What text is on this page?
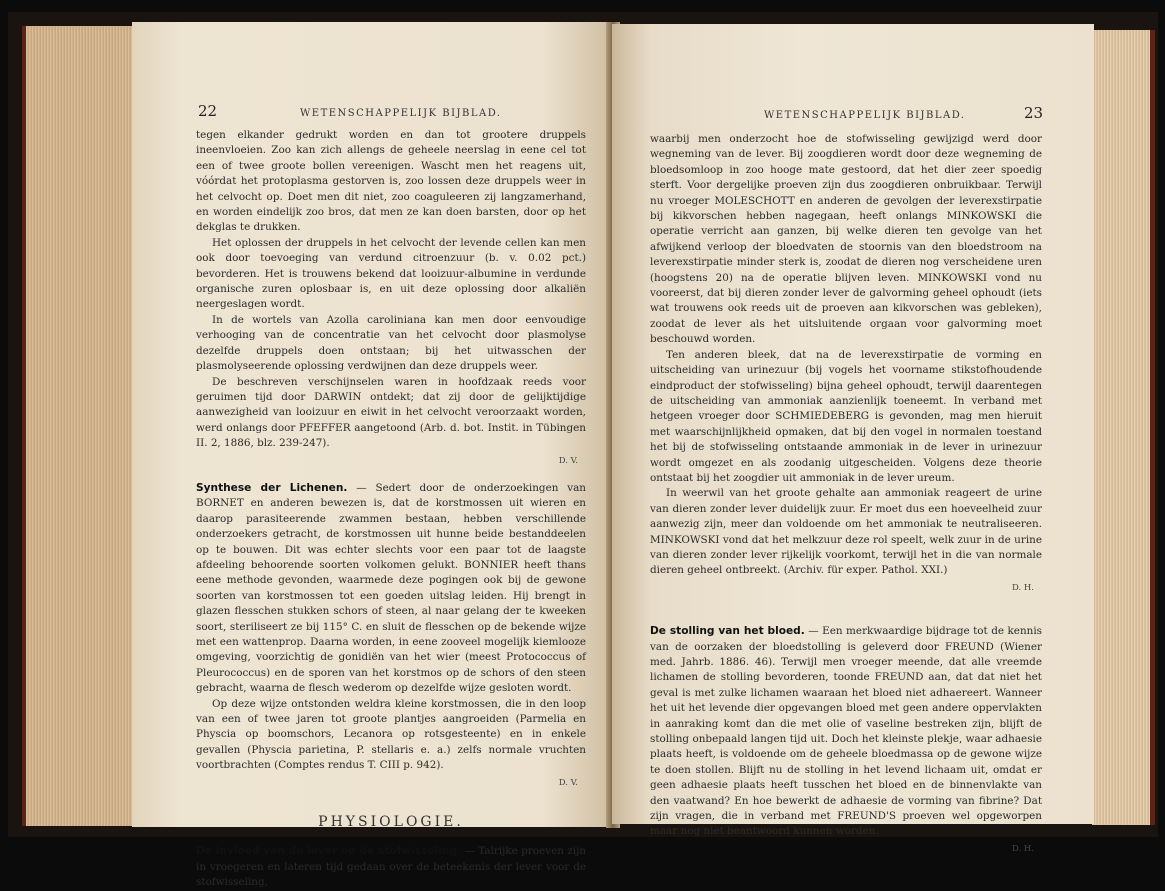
22	WETENSCHAPPELIJK BIJBLAD.

tegen elkander gedrukt worden en dan tot grootere druppels ineenvloeien. Zoo kan zich allengs de geheele neerslag in eene cel tot een of twee groote bollen vereenigen. Wascht men het reagens uit, vóórdat het protoplasma gestorven is, zoo lossen deze druppels weer in het celvocht op. Doet men dit niet, zoo coaguleeren zij langzamerhand, en worden eindelijk zoo bros, dat men ze kan doen barsten, door op het dekglas te drukken.

Het oplossen der druppels in het celvocht der levende cellen kan men ook door toevoeging van verdund citroenzuur (b. v. 0.02 pct.) bevorderen. Het is trouwens bekend dat looizuur-albumine in verdunde organische zuren oplosbaar is, en uit deze oplossing door alkaliën neergeslagen wordt.

In de wortels van Azolla caroliniana kan men door eenvoudige verhooging van de concentratie van het celvocht door plasmolyse dezelfde druppels doen ontstaan; bij het uitwasschen der plasmolyseerende oplossing verdwijnen dan deze druppels weer.

De beschreven verschijnselen waren in hoofdzaak reeds voor geruimen tijd door DARWIN ontdekt; dat zij door de gelijktijdige aanwezigheid van looizuur en eiwit in het celvocht veroorzaakt worden, werd onlangs door PFEFFER aangetoond (Arb. d. bot. Instit. in Tübingen II. 2, 1886, blz. 239-247).

D. V.

Synthese der Lichenen. — Sedert door de onderzoekingen van BORNET en anderen bewezen is, dat de korstmossen uit wieren en daarop parasiteerende zwammen bestaan, hebben verschillende onderzoekers getracht, de korstmossen uit hunne beide bestanddeelen op te bouwen. Dit was echter slechts voor een paar tot de laagste afdeeling behoorende soorten volkomen gelukt. BONNIER heeft thans eene methode gevonden, waarmede deze pogingen ook bij de gewone soorten van korstmossen tot een goeden uitslag leiden. Hij brengt in glazen flesschen stukken schors of steen, al naar gelang der te kweeken soort, steriliseert ze bij 115° C. en sluit de flesschen op de bekende wijze met een wattenprop. Daarna worden, in eene zooveel mogelijk kiemlooze omgeving, voorzichtig de gonidiën van het wier (meest Protococcus of Pleurococcus) en de sporen van het korstmos op de schors of den steen gebracht, waarna de flesch wederom op dezelfde wijze gesloten wordt.

Op deze wijze ontstonden weldra kleine korstmossen, die in den loop van een of twee jaren tot groote plantjes aangroeiden (Parmelia en Physcia op boomschors, Lecanora op rotsgesteente) en in enkele gevallen (Physcia parietina, P. stellaris e. a.) zelfs normale vruchten voortbrachten (Comptes rendus T. CIII p. 942).

D. V.
PHYSIOLOGIE.

De invloed van de lever op de stofwisseling. — Talrijke proeven zijn in vroegeren en lateren tijd gedaan over de beteekenis der lever voor de stofwisseling,

WETENSCHAPPELIJK BIJBLAD.	23

waarbij men onderzocht hoe de stofwisseling gewijzigd werd door wegneming van de lever. Bij zoogdieren wordt door deze wegneming de bloedsomloop in zoo hooge mate gestoord, dat het dier zeer spoedig sterft. Voor dergelijke proeven zijn dus zoogdieren onbruikbaar. Terwijl nu vroeger MOLESCHOTT en anderen de gevolgen der leverexstirpatie bij kikvorschen hebben nagegaan, heeft onlangs MINKOWSKI die operatie verricht aan ganzen, bij welke dieren ten gevolge van het afwijkend verloop der bloedvaten de stoornis van den bloedstroom na leverexstirpatie minder sterk is, zoodat de dieren nog verscheidene uren (hoogstens 20) na de operatie blijven leven. MINKOWSKI vond nu vooreerst, dat bij dieren zonder lever de galvorming geheel ophoudt (iets wat trouwens ook reeds uit de proeven aan kikvorschen was gebleken), zoodat de lever als het uitsluitende orgaan voor galvorming moet beschouwd worden.

Ten anderen bleek, dat na de leverexstirpatie de vorming en uitscheiding van urinezuur (bij vogels het voorname stikstofhoudende eindproduct der stofwisseling) bijna geheel ophoudt, terwijl daarentegen de uitscheiding van ammoniak aanzienlijk toeneemt. In verband met hetgeen vroeger door SCHMIEDEBERG is gevonden, mag men hieruit met waarschijnlijkheid opmaken, dat bij den vogel in normalen toestand het bij de stofwisseling ontstaande ammoniak in de lever in urinezuur wordt omgezet en als zoodanig uitgescheiden. Volgens deze theorie ontstaat bij het zoogdier uit ammoniak in de lever ureum.

In weerwil van het groote gehalte aan ammoniak reageert de urine van dieren zonder lever duidelijk zuur. Er moet dus een hoeveelheid zuur aanwezig zijn, meer dan voldoende om het ammoniak te neutraliseeren. MINKOWSKI vond dat het melkzuur deze rol speelt, welk zuur in de urine van dieren zonder lever rijkelijk voorkomt, terwijl het in die van normale dieren geheel ontbreekt. (Archiv. für exper. Pathol. XXI.)

D. H.

De stolling van het bloed. — Een merkwaardige bijdrage tot de kennis van de oorzaken der bloedstolling is geleverd door FREUND (Wiener med. Jahrb. 1886. 46). Terwijl men vroeger meende, dat alle vreemde lichamen de stolling bevorderen, toonde FREUND aan, dat dat niet het geval is met zulke lichamen waaraan het bloed niet adhaereert. Wanneer het uit het levende dier opgevangen bloed met geen andere oppervlakten in aanraking komt dan die met olie of vaseline bestreken zijn, blijft de stolling onbepaald langen tijd uit. Doch het kleinste plekje, waar adhaesie plaats heeft, is voldoende om de geheele bloedmassa op de gewone wijze te doen stollen. Blijft nu de stolling in het levend lichaam uit, omdat er geen adhaesie plaats heeft tusschen het bloed en de binnenvlakte van den vaatwand? En hoe bewerkt de adhaesie de vorming van fibrine? Dat zijn vragen, die in verband met FREUND'S proeven wel opgeworpen maar nog niet beantwoord kunnen worden.

D. H.
